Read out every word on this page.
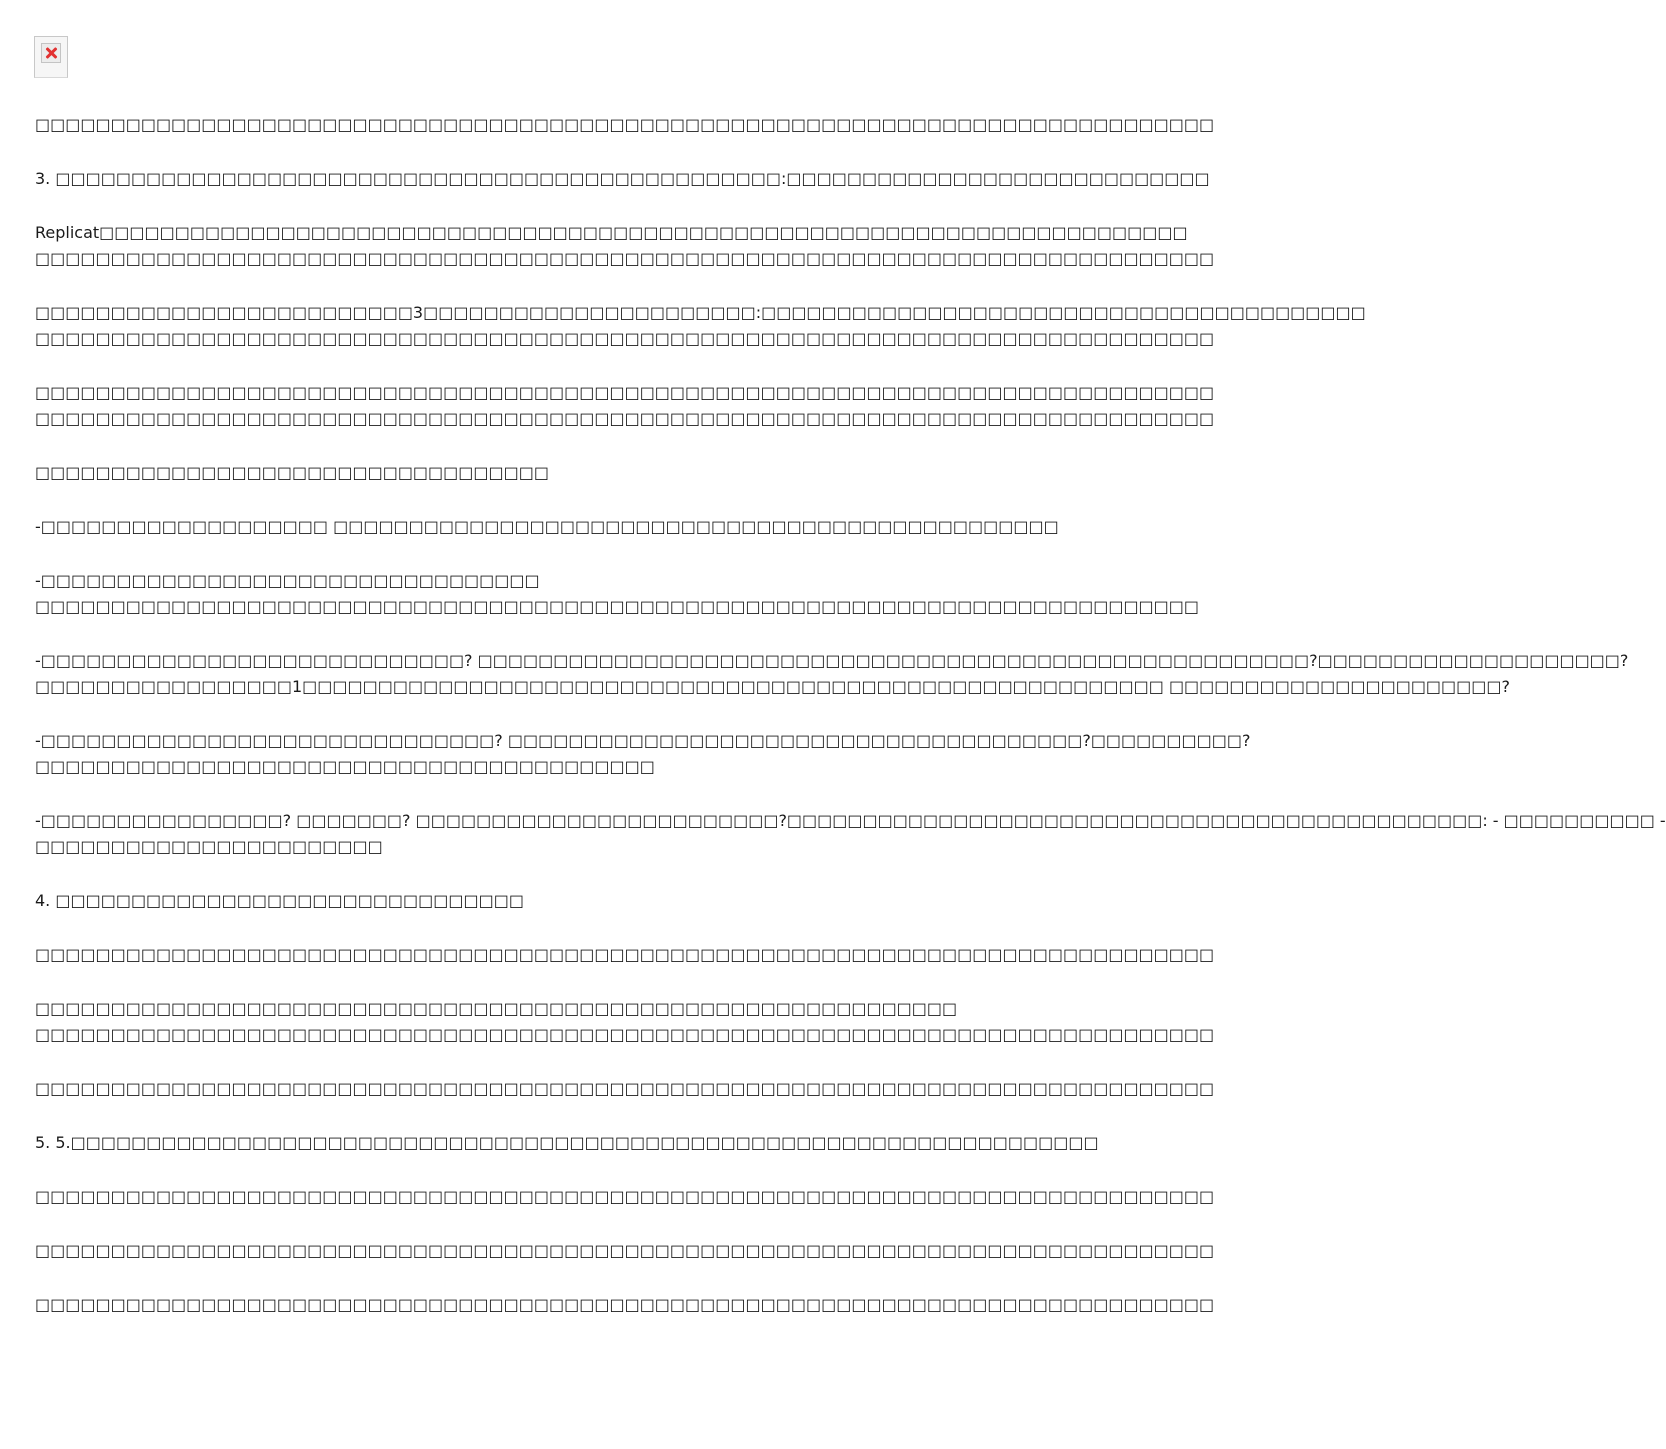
□□□□□□□□□□□□□□□□□□□□□□□□□□□□□□□□□□□□□□□□□□□□□□□□□□□□□□□□□□□□□□□□□□□□□□□□□□□□□□
3. □□□□□□□□□□□□□□□□□□□□□□□□□□□□□□□□□□□□□□□□□□□□□□□□:□□□□□□□□□□□□□□□□□□□□□□□□□□□□
Replicat□□□□□□□□□□□□□□□□□□□□□□□□□□□□□□□□□□□□□□□□□□□□□□□□□□□□□□□□□□□□□□□□□□□□□□□□
□□□□□□□□□□□□□□□□□□□□□□□□□□□□□□□□□□□□□□□□□□□□□□□□□□□□□□□□□□□□□□□□□□□□□□□□□□□□□□
□□□□□□□□□□□□□□□□□□□□□□□□□3□□□□□□□□□□□□□□□□□□□□□□:□□□□□□□□□□□□□□□□□□□□□□□□□□□□□□□□□□□□□□□□
□□□□□□□□□□□□□□□□□□□□□□□□□□□□□□□□□□□□□□□□□□□□□□□□□□□□□□□□□□□□□□□□□□□□□□□□□□□□□□
□□□□□□□□□□□□□□□□□□□□□□□□□□□□□□□□□□□□□□□□□□□□□□□□□□□□□□□□□□□□□□□□□□□□□□□□□□□□□□
□□□□□□□□□□□□□□□□□□□□□□□□□□□□□□□□□□□□□□□□□□□□□□□□□□□□□□□□□□□□□□□□□□□□□□□□□□□□□□
□□□□□□□□□□□□□□□□□□□□□□□□□□□□□□□□□□
-□□□□□□□□□□□□□□□□□□□ □□□□□□□□□□□□□□□□□□□□□□□□□□□□□□□□□□□□□□□□□□□□□□□□
-□□□□□□□□□□□□□□□□□□□□□□□□□□□□□□□□□
□□□□□□□□□□□□□□□□□□□□□□□□□□□□□□□□□□□□□□□□□□□□□□□□□□□□□□□□□□□□□□□□□□□□□□□□□□□□□
-□□□□□□□□□□□□□□□□□□□□□□□□□□□□? □□□□□□□□□□□□□□□□□□□□□□□□□□□□□□□□□□□□□□□□□□□□□□□□□□□□□□□?□□□□□□□□□□□□□□□□□□□□?
□□□□□□□□□□□□□□□□□1□□□□□□□□□□□□□□□□□□□□□□□□□□□□□□□□□□□□□□□□□□□□□□□□□□□□□□□□□ □□□□□□□□□□□□□□□□□□□□□□?
-□□□□□□□□□□□□□□□□□□□□□□□□□□□□□□? □□□□□□□□□□□□□□□□□□□□□□□□□□□□□□□□□□□□□□?□□□□□□□□□□?
□□□□□□□□□□□□□□□□□□□□□□□□□□□□□□□□□□□□□□□□□
-□□□□□□□□□□□□□□□□? □□□□□□□? □□□□□□□□□□□□□□□□□□□□□□□□?□□□□□□□□□□□□□□□□□□□□□□□□□□□□□□□□□□□□□□□□□□□□□□: - □□□□□□□□□□ -
□□□□□□□□□□□□□□□□□□□□□□□
4. □□□□□□□□□□□□□□□□□□□□□□□□□□□□□□□
□□□□□□□□□□□□□□□□□□□□□□□□□□□□□□□□□□□□□□□□□□□□□□□□□□□□□□□□□□□□□□□□□□□□□□□□□□□□□□
□□□□□□□□□□□□□□□□□□□□□□□□□□□□□□□□□□□□□□□□□□□□□□□□□□□□□□□□□□□□□
□□□□□□□□□□□□□□□□□□□□□□□□□□□□□□□□□□□□□□□□□□□□□□□□□□□□□□□□□□□□□□□□□□□□□□□□□□□□□□
□□□□□□□□□□□□□□□□□□□□□□□□□□□□□□□□□□□□□□□□□□□□□□□□□□□□□□□□□□□□□□□□□□□□□□□□□□□□□□
5. 5.□□□□□□□□□□□□□□□□□□□□□□□□□□□□□□□□□□□□□□□□□□□□□□□□□□□□□□□□□□□□□□□□□□□□
□□□□□□□□□□□□□□□□□□□□□□□□□□□□□□□□□□□□□□□□□□□□□□□□□□□□□□□□□□□□□□□□□□□□□□□□□□□□□□
□□□□□□□□□□□□□□□□□□□□□□□□□□□□□□□□□□□□□□□□□□□□□□□□□□□□□□□□□□□□□□□□□□□□□□□□□□□□□□
□□□□□□□□□□□□□□□□□□□□□□□□□□□□□□□□□□□□□□□□□□□□□□□□□□□□□□□□□□□□□□□□□□□□□□□□□□□□□□
